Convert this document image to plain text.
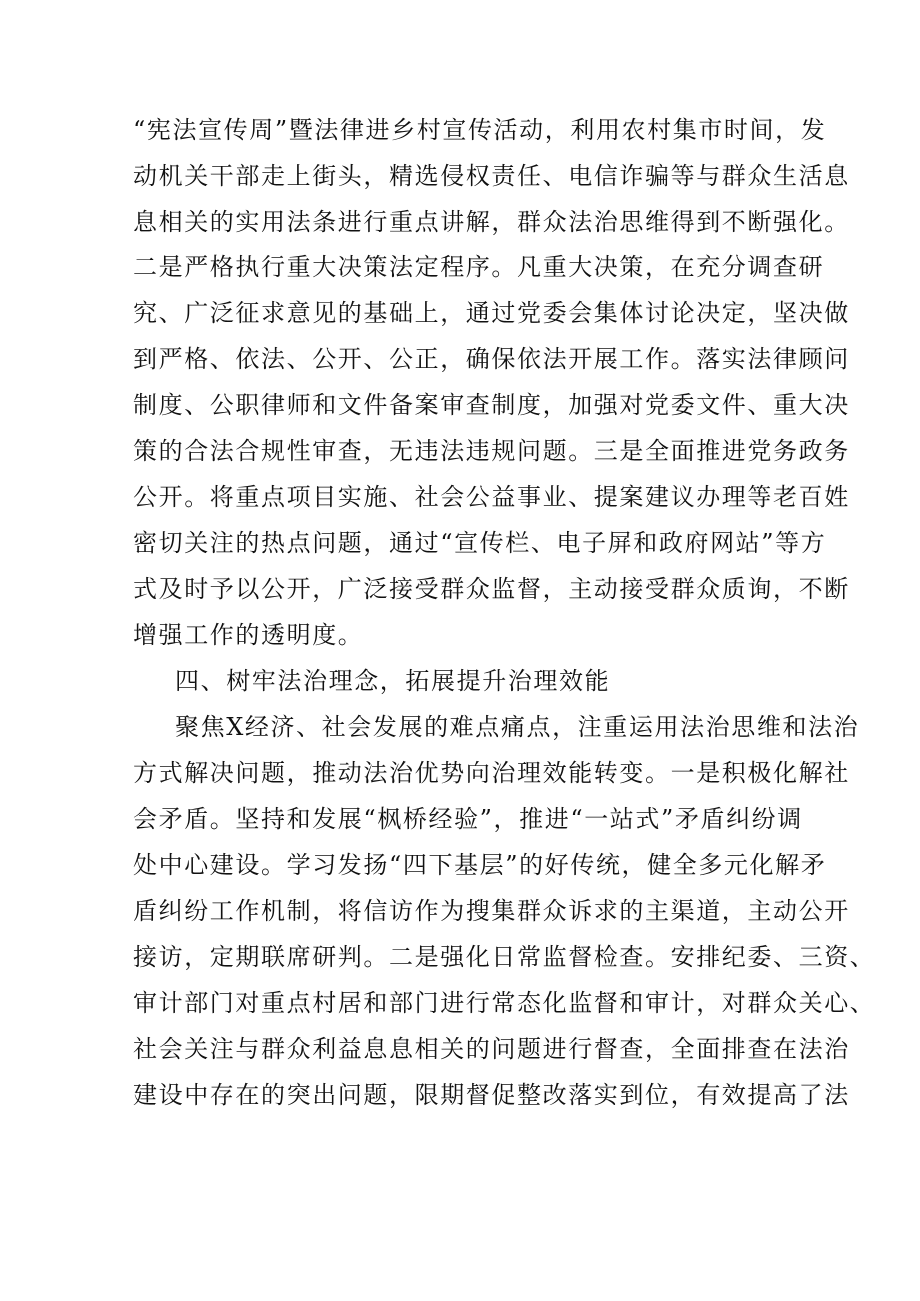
“宪法宣传周”暨法律进乡村宣传活动，利用农村集市时间，发
动机关干部走上街头，精选侵权责任、电信诈骗等与群众生活息
息相关的实用法条进行重点讲解，群众法治思维得到不断强化。
二是严格执行重大决策法定程序。凡重大决策，在充分调查研
究、广泛征求意见的基础上，通过党委会集体讨论决定，坚决做
到严格、依法、公开、公正，确保依法开展工作。落实法律顾问
制度、公职律师和文件备案审查制度，加强对党委文件、重大决
策的合法合规性审查，无违法违规问题。三是全面推进党务政务
公开。将重点项目实施、社会公益事业、提案建议办理等老百姓
密切关注的热点问题，通过“宣传栏、电子屏和政府网站”等方
式及时予以公开，广泛接受群众监督，主动接受群众质询，不断
增强工作的透明度。
四、树牢法治理念，拓展提升治理效能
聚焦X经济、社会发展的难点痛点，注重运用法治思维和法治
方式解决问题，推动法治优势向治理效能转变。一是积极化解社
会矛盾。坚持和发展“枫桥经验”，推进“一站式”矛盾纠纷调
处中心建设。学习发扬“四下基层”的好传统，健全多元化解矛
盾纠纷工作机制，将信访作为搜集群众诉求的主渠道，主动公开
接访，定期联席研判。二是强化日常监督检查。安排纪委、三资、
审计部门对重点村居和部门进行常态化监督和审计，对群众关心、
社会关注与群众利益息息相关的问题进行督查，全面排查在法治
建设中存在的突出问题，限期督促整改落实到位，有效提高了法
